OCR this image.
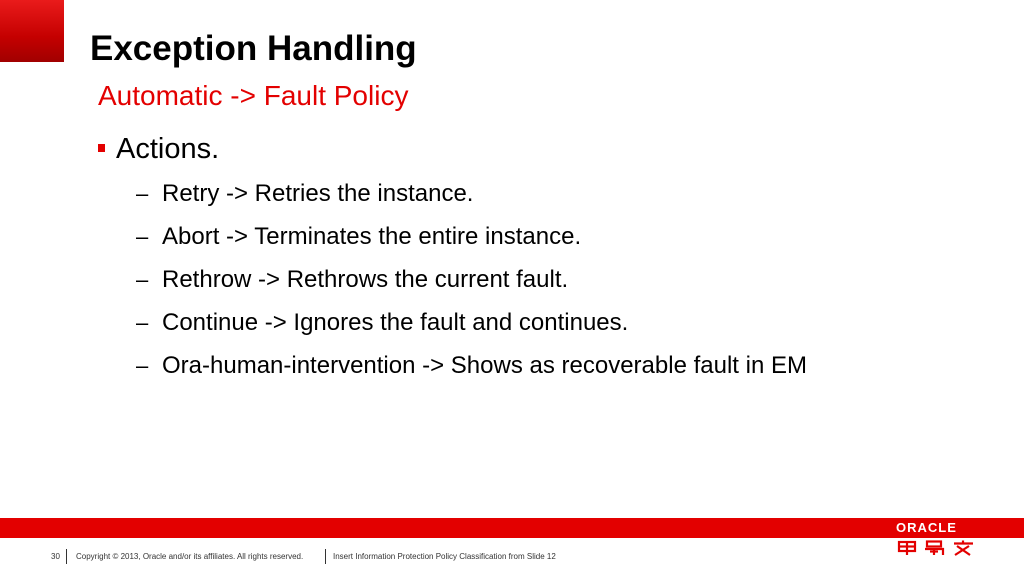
Exception Handling
Automatic -> Fault Policy
Actions.
– Retry -> Retries the instance.
– Abort -> Terminates the entire instance.
– Rethrow -> Rethrows the current fault.
– Continue -> Ignores the fault and continues.
– Ora-human-intervention -> Shows as recoverable fault in EM
ORACLE
30 Copyright © 2013, Oracle and/or its affiliates. All rights reserved.	Insert Information Protection Policy Classification from Slide 12
